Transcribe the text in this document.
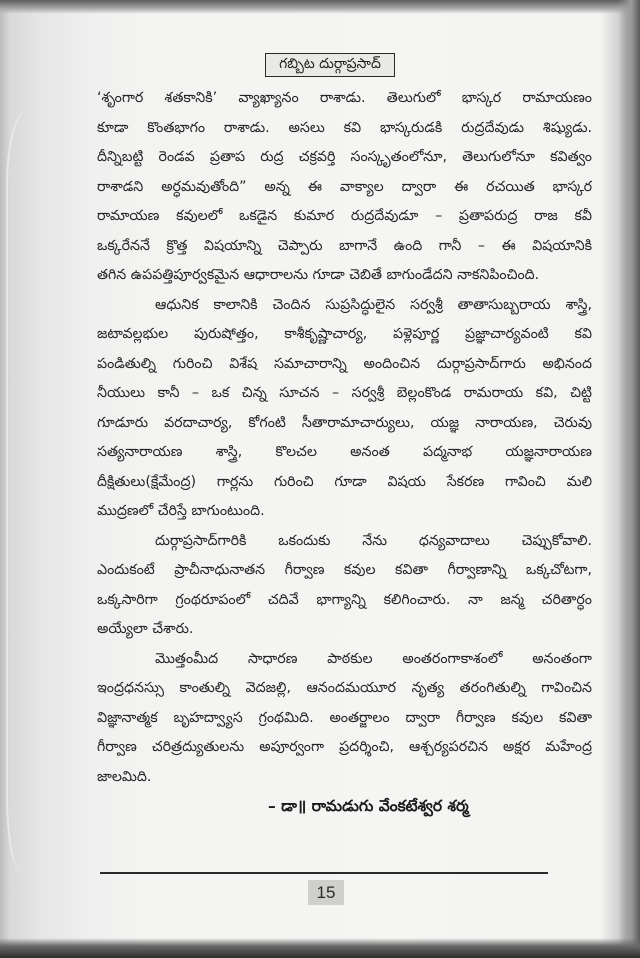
గబ్బిట దుర్గాప్రసాద్
‘శృంగార శతకానికి’ వ్యాఖ్యానం రాశాడు. తెలుగులో భాస్కర రామాయణం
కూడా కొంతభాగం రాశాడు. అసలు కవి భాస్కరుడకి రుద్రదేవుడు శిష్యుడు.
దీన్నిబట్టి రెండవ ప్రతాప రుద్ర చక్రవర్తి సంస్కృతంలోనూ, తెలుగులోనూ కవిత్వం
రాశాడని అర్ధమవుతోంది” అన్న ఈ వాక్యాల ద్వారా ఈ రచయిత భాస్కర
రామాయణ కవులలో ఒకడైన కుమార రుద్రదేవుడూ – ప్రతాపరుద్ర రాజ కవీ
ఒక్కరేననే క్రొత్త విషయాన్ని చెప్పారు బాగానే ఉంది గానీ – ఈ విషయానికి
తగిన ఉపపత్తిపూర్వకమైన ఆధారాలను గూడా చెబితే బాగుండేదని నాకనిపించింది.
ఆధునిక కాలానికి చెందిన సుప్రసిద్ధులైన సర్వశ్రీ తాతాసుబ్బరాయ శాస్త్రి,
జటావల్లభుల పురుషోత్తం, కాశీకృష్ణాచార్య, పళ్లెపూర్ణ ప్రజ్ఞాచార్యవంటి కవి
పండితుల్ని గురించి విశేష సమాచారాన్ని అందించిన దుర్గాప్రసాద్‌గారు అభినంద
నీయులు కానీ – ఒక చిన్న సూచన – సర్వశ్రీ బెల్లంకొండ రామరాయ కవి, చిట్టి
గూడూరు వరదాచార్య, కోగంటి సీతారామాచార్యులు, యజ్ఞ నారాయణ, చెరువు
సత్యనారాయణ శాస్త్రి, కొలచల అనంత పద్మనాభ యజ్ఞనారాయణ
దీక్షితులు(క్షేమేంద్ర) గార్లను గురించి గూడా విషయ సేకరణ గావించి మలి
ముద్రణలో చేరిస్తే బాగుంటుంది.
దుర్గాప్రసాద్‌గారికి ఒకందుకు నేను ధన్యవాదాలు చెప్పుకోవాలి.
ఎందుకంటే ప్రాచీనాధునాతన గీర్వాణ కవుల కవితా గీర్వాణాన్ని ఒక్కచోటగా,
ఒక్కసారిగా గ్రంథరూపంలో చదివే భాగ్యాన్ని కలిగించారు. నా జన్మ చరితార్ధం
అయ్యేలా చేశారు.
మొత్తంమీద సాధారణ పాఠకుల అంతరంగాకాశంలో అనంతంగా
ఇంద్రధనస్సు కాంతుల్ని వెదజల్లి, ఆనందమయూర నృత్య తరంగితుల్ని గావించిన
విజ్ఞానాత్మక బృహద్వ్యాస గ్రంథమిది. అంతర్జాలం ద్వారా గీర్వాణ కవుల కవితా
గీర్వాణ చరిత్రద్యుతులను అపూర్వంగా ప్రదర్శించి, ఆశ్చర్యపరచిన అక్షర మహేంద్ర
జాలమిది.
– డా॥ రామడుగు వేంకటేశ్వర శర్మ
15
